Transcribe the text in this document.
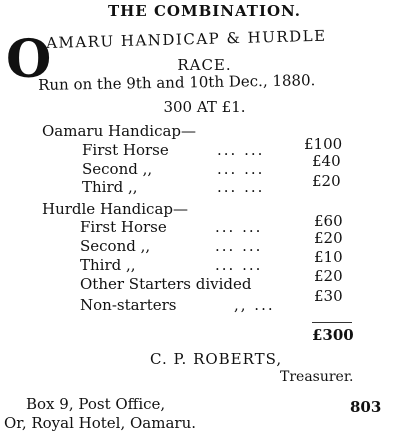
THE COMBINATION.
O
AMARU HANDICAP & HURDLE
RACE.
Run on the 9th and 10th Dec., 1880.
300 AT £1.
Oamaru Handicap—
First Horse	... ...	£100
Second ,,	... ...	£40
Third ,,	... ...	£20
Hurdle Handicap—
First Horse	... ...	£60
Second ,,	... ...	£20
Third ,,	... ...	£10
Other Starters divided	£20
Non-starters	,, ...	£30
£300
C. P. ROBERTS,
Treasurer.
Box 9, Post Office,
Or, Royal Hotel, Oamaru.
803
